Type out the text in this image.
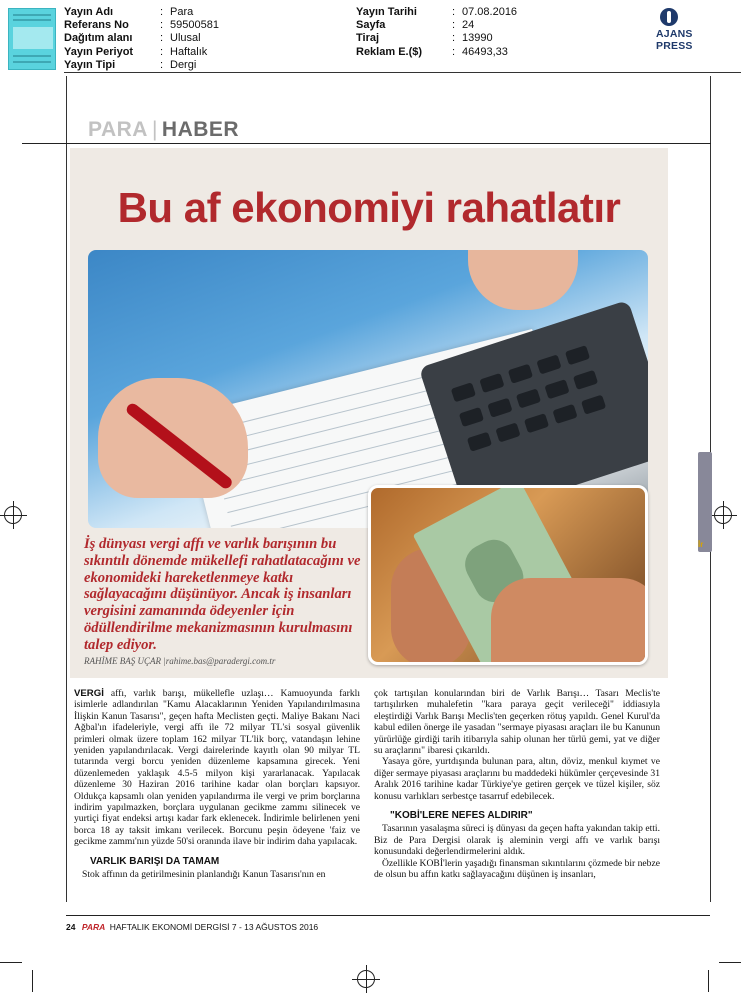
Yayın Adı	: Para
Referans No	: 59500581
Dağıtım alanı	: Ulusal
Yayın Periyot	: Haftalık
Yayın Tipi	: Dergi
Yayın Tarihi	: 07.08.2016
Sayfa	: 24
Tiraj	: 13990
Reklam E.($)	: 46493,33
AJANS PRESS
PARA | HABER
Bu af ekonomiyi rahatlatır
İş dünyası vergi affı ve varlık barışının bu sıkıntılı dönemde mükellefi rahatlatacağını ve ekonomideki hareketlenmeye katkı sağlayacağını düşünüyor. Ancak iş insanları vergisini zamanında ödeyenler için ödüllendirilme mekanizmasının kurulmasını talep ediyor.
RAHİME BAŞ UÇAR |rahime.bas@paradergi.com.tr

VERGİ affı, varlık barışı, mükellefle uzlaşı… Kamuoyunda farklı isimlerle adlandırılan "Kamu Alacaklarının Yeniden Yapılandırılmasına İlişkin Kanun Tasarısı", geçen hafta Meclisten geçti. Maliye Bakanı Naci Ağbal'ın ifadeleriyle, vergi affı ile 72 milyar TL'si sosyal güvenlik primleri olmak üzere toplam 162 milyar TL'lik borç, vatandaşın lehine yeniden yapılandırılacak. Vergi dairelerinde kayıtlı olan 90 milyar TL tutarında vergi borcu yeniden düzenleme kapsamına girecek. Yeni düzenlemeden yaklaşık 4.5-5 milyon kişi yararlanacak. Yapılacak düzenleme 30 Haziran 2016 tarihine kadar olan borçları kapsıyor. Oldukça kapsamlı olan yeniden yapılandırma ile vergi ve prim borçlarına indirim yapılmazken, borçlara uygulanan gecikme zammı silinecek ve yurtiçi fiyat endeksi artışı kadar fark eklenecek. İndirimle belirlenen yeni borca 18 ay taksit imkanı verilecek. Borcunu peşin ödeyene 'faiz ve gecikme zammı'nın yüzde 50'si oranında ilave bir indirim daha yapılacak.

VARLIK BARIŞI DA TAMAM

Stok affının da getirilmesinin planlandığı Kanun Tasarısı'nın en

çok tartışılan konularından biri de Varlık Barışı… Tasarı Meclis'te tartışılırken muhalefetin "kara paraya geçit verileceği" iddiasıyla eleştirdiği Varlık Barışı Meclis'ten geçerken rötuş yapıldı. Genel Kurul'da kabul edilen önerge ile yasadan "sermaye piyasası araçları ile bu Kanunun yürürlüğe girdiği tarih itibarıyla sahip olunan her türlü gemi, yat ve diğer su araçlarını" ibaresi çıkarıldı.

Yasaya göre, yurtdışında bulunan para, altın, döviz, menkul kıymet ve diğer sermaye piyasası araçlarını bu maddedeki hükümler çerçevesinde 31 Aralık 2016 tarihine kadar Türkiye'ye getiren gerçek ve tüzel kişiler, söz konusu varlıkları serbestçe tasarruf edebilecek.

"KOBİ'LERE NEFES ALDIRIR"

Tasarının yasalaşma süreci iş dünyası da geçen hafta yakından takip etti. Biz de Para Dergisi olarak iş aleminin vergi affı ve varlık barışı konusundaki değerlendirmelerini aldık.

Özellikle KOBİ'lerin yaşadığı finansman sıkıntılarını çözmede bir nebze de olsun bu affın katkı sağlayacağını düşünen iş insanları,

24 PARA HAFTALIK EKONOMİ DERGİSİ 7 - 13 AĞUSTOS 2016
İr
